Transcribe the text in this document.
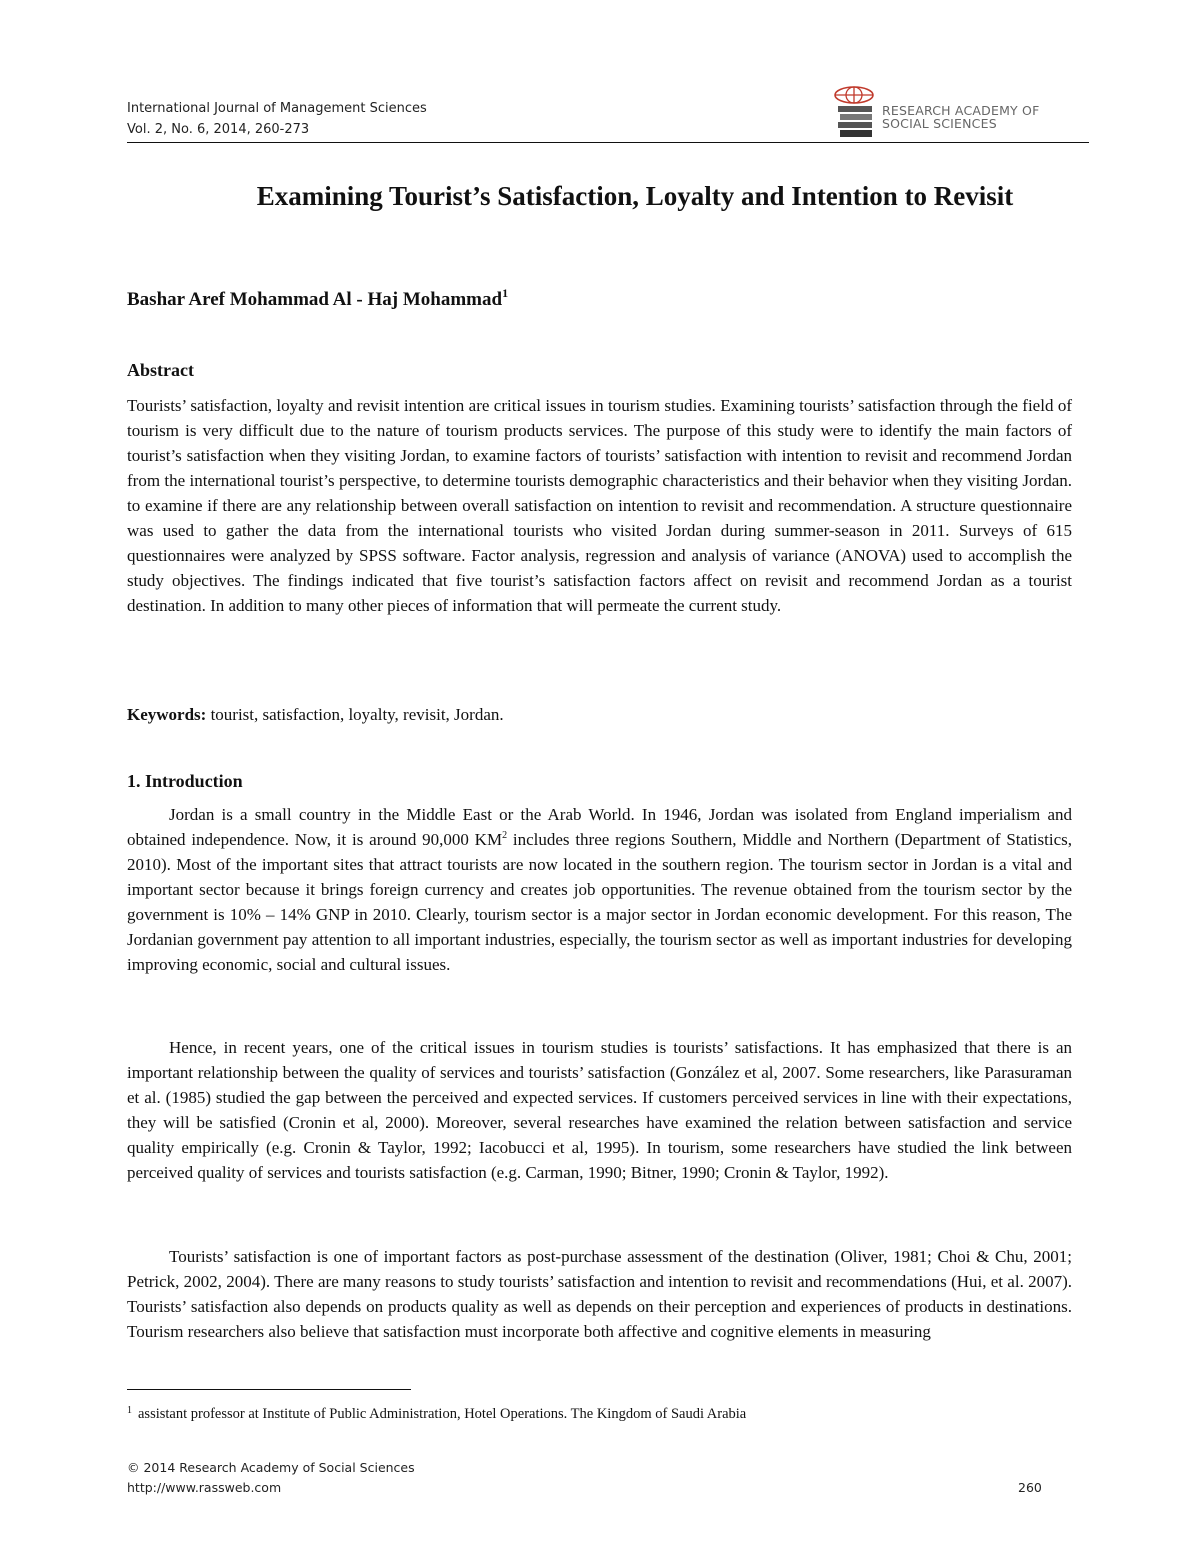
International Journal of Management Sciences
Vol. 2, No. 6, 2014, 260-273
RESEARCH ACADEMY OF
SOCIAL SCIENCES
Examining Tourist’s Satisfaction, Loyalty and Intention to Revisit
Bashar Aref Mohammad Al - Haj Mohammad$^1$
Abstract

Tourists’ satisfaction, loyalty and revisit intention are critical issues in tourism studies. Examining tourists’ satisfaction through the field of tourism is very difficult due to the nature of tourism products services. The purpose of this study were to identify the main factors of tourist’s satisfaction when they visiting Jordan, to examine factors of tourists’ satisfaction with intention to revisit and recommend Jordan from the international tourist’s perspective, to determine tourists demographic characteristics and their behavior when they visiting Jordan. to examine if there are any relationship between overall satisfaction on intention to revisit and recommendation. A structure questionnaire was used to gather the data from the international tourists who visited Jordan during summer-season in 2011. Surveys of 615 questionnaires were analyzed by SPSS software. Factor analysis, regression and analysis of variance (ANOVA) used to accomplish the study objectives. The findings indicated that five tourist’s satisfaction factors affect on revisit and recommend Jordan as a tourist destination. In addition to many other pieces of information that will permeate the current study.

Keywords: tourist, satisfaction, loyalty, revisit, Jordan.

1. Introduction

Jordan is a small country in the Middle East or the Arab World. In 1946, Jordan was isolated from England imperialism and obtained independence. Now, it is around 90,000 $KM^2$ includes three regions Southern, Middle and Northern (Department of Statistics, 2010). Most of the important sites that attract tourists are now located in the southern region. The tourism sector in Jordan is a vital and important sector because it brings foreign currency and creates job opportunities. The revenue obtained from the tourism sector by the government is 10% – 14% GNP in 2010. Clearly, tourism sector is a major sector in Jordan economic development. For this reason, The Jordanian government pay attention to all important industries, especially, the tourism sector as well as important industries for developing improving economic, social and cultural issues.

Hence, in recent years, one of the critical issues in tourism studies is tourists’ satisfactions. It has emphasized that there is an important relationship between the quality of services and tourists’ satisfaction (González et al, 2007. Some researchers, like Parasuraman et al. (1985) studied the gap between the perceived and expected services. If customers perceived services in line with their expectations, they will be satisfied (Cronin et al, 2000). Moreover, several researches have examined the relation between satisfaction and service quality empirically (e.g. Cronin & Taylor, 1992; Iacobucci et al, 1995). In tourism, some researchers have studied the link between perceived quality of services and tourists satisfaction (e.g. Carman, 1990; Bitner, 1990; Cronin & Taylor, 1992).

Tourists’ satisfaction is one of important factors as post-purchase assessment of the destination (Oliver, 1981; Choi & Chu, 2001; Petrick, 2002, 2004). There are many reasons to study tourists’ satisfaction and intention to revisit and recommendations (Hui, et al. 2007). Tourists’ satisfaction also depends on products quality as well as depends on their perception and experiences of products in destinations. Tourism researchers also believe that satisfaction must incorporate both affective and cognitive elements in measuring

$^1$ assistant professor at Institute of Public Administration, Hotel Operations. The Kingdom of Saudi Arabia
© 2014 Research Academy of Social Sciences
http://www.rassweb.com	260
